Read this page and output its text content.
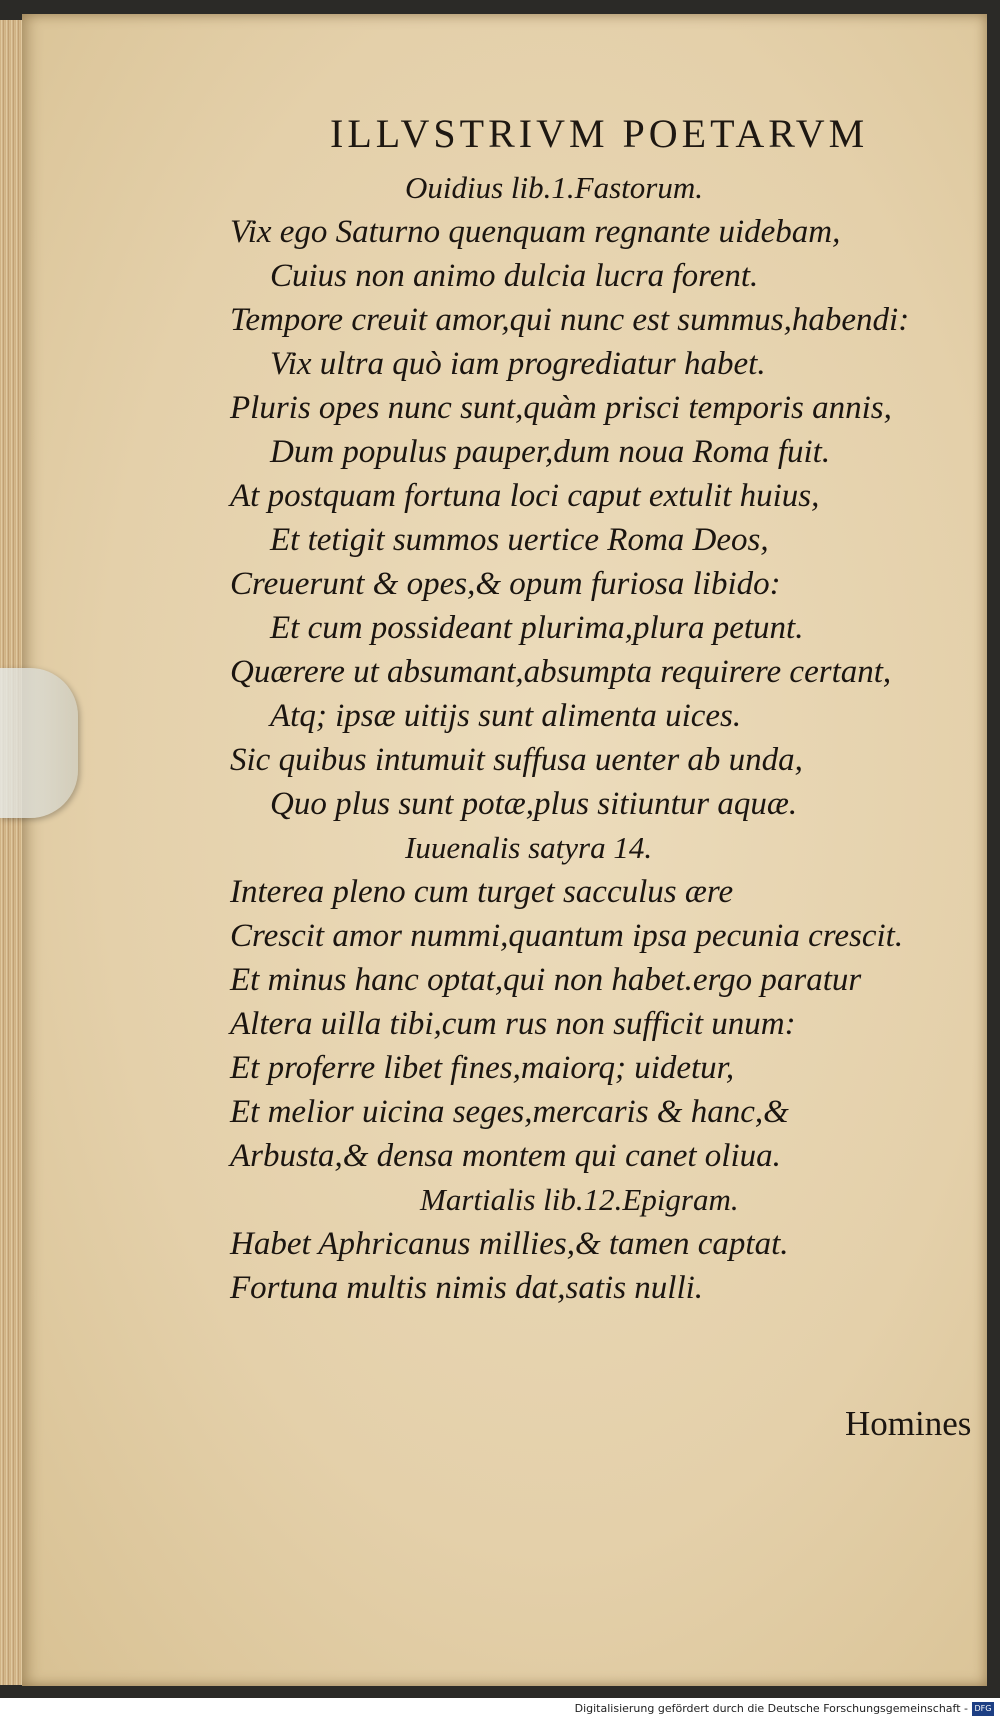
ILLVSTRIVM POETARVM
Ouidius lib.1.Fastorum.
Vix ego Saturno quenquam regnante uidebam,
Cuius non animo dulcia lucra forent.
Tempore creuit amor,qui nunc est summus,habendi:
Vix ultra quò iam progrediatur habet.
Pluris opes nunc sunt,quàm prisci temporis annis,
Dum populus pauper,dum noua Roma fuit.
At postquam fortuna loci caput extulit huius,
Et tetigit summos uertice Roma Deos,
Creuerunt & opes,& opum furiosa libido:
Et cum possideant plurima,plura petunt.
Quærere ut absumant,absumpta requirere certant,
Atq; ipsæ uitijs sunt alimenta uices.
Sic quibus intumuit suffusa uenter ab unda,
Quo plus sunt potæ,plus sitiuntur aquæ.
Iuuenalis satyra 14.
Interea pleno cum turget sacculus ære
Crescit amor nummi,quantum ipsa pecunia crescit.
Et minus hanc optat,qui non habet.ergo paratur
Altera uilla tibi,cum rus non sufficit unum:
Et proferre libet fines,maiorq; uidetur,
Et melior uicina seges,mercaris & hanc,&
Arbusta,& densa montem qui canet oliua.
Martialis lib.12.Epigram.
Habet Aphricanus millies,& tamen captat.
Fortuna multis nimis dat,satis nulli.
Homines
Digitalisierung gefördert durch die Deutsche Forschungsgemeinschaft - DFG
